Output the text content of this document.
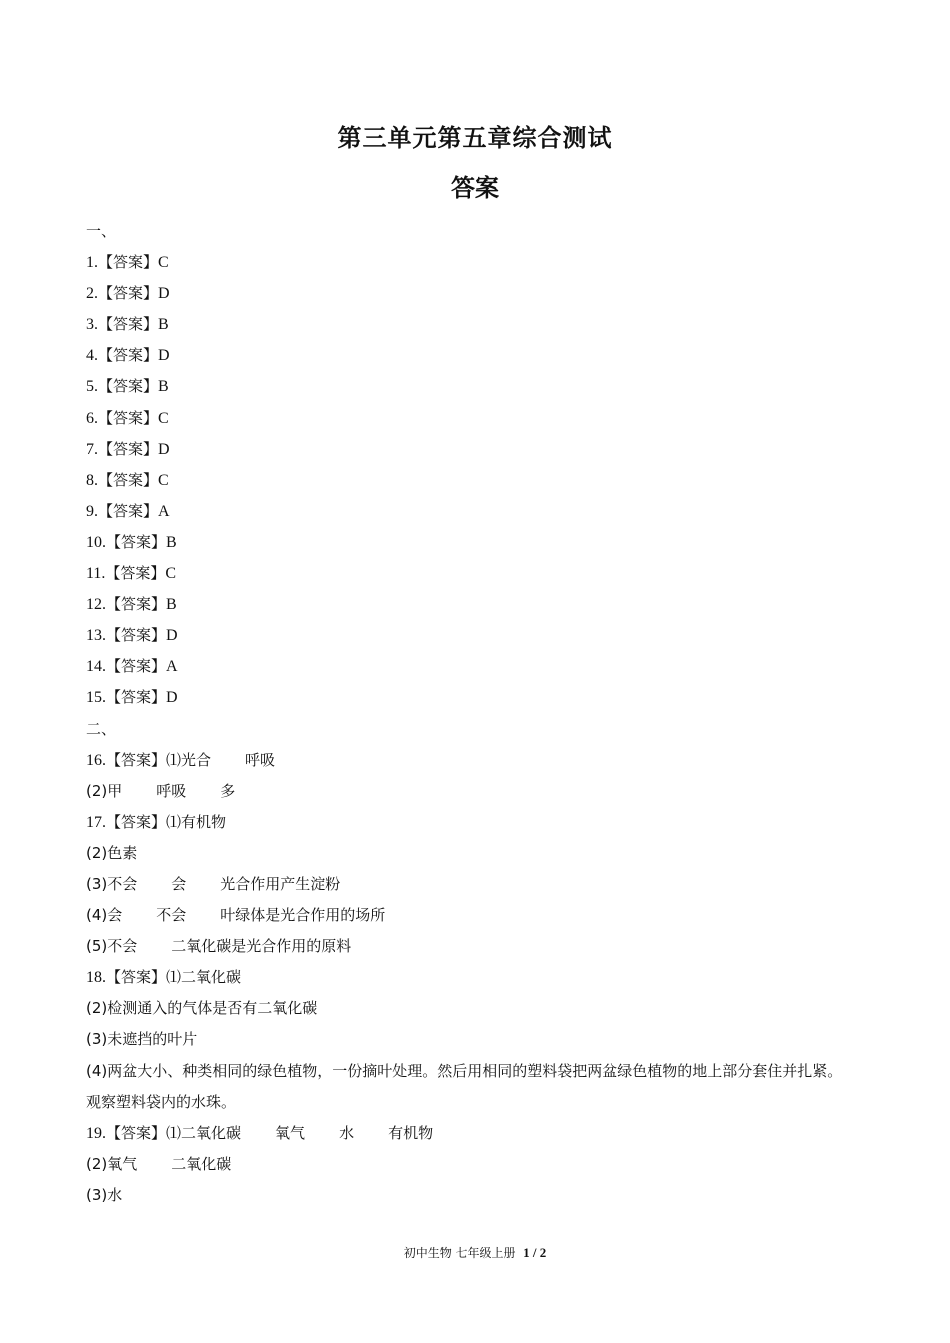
第三单元第五章综合测试
答案
一、
1.【答案】C
2.【答案】D
3.【答案】B
4.【答案】D
5.【答案】B
6.【答案】C
7.【答案】D
8.【答案】C
9.【答案】A
10.【答案】B
11.【答案】C
12.【答案】B
13.【答案】D
14.【答案】A
15.【答案】D
二、
16.【答案】⑴光合 呼吸
(2)甲 呼吸 多
17.【答案】⑴有机物
(2)色素
(3)不会 会 光合作用产生淀粉
(4)会 不会 叶绿体是光合作用的场所
(5)不会 二氧化碳是光合作用的原料
18.【答案】⑴二氧化碳
(2)检测通入的气体是否有二氧化碳
(3)未遮挡的叶片
(4)两盆大小、种类相同的绿色植物，一份摘叶处理。然后用相同的塑料袋把两盆绿色植物的地上部分套住并扎紧。观察塑料袋内的水珠。
19.【答案】⑴二氧化碳 氧气 水 有机物
(2)氧气 二氧化碳
(3)水
初中生物 七年级上册 1 / 2
